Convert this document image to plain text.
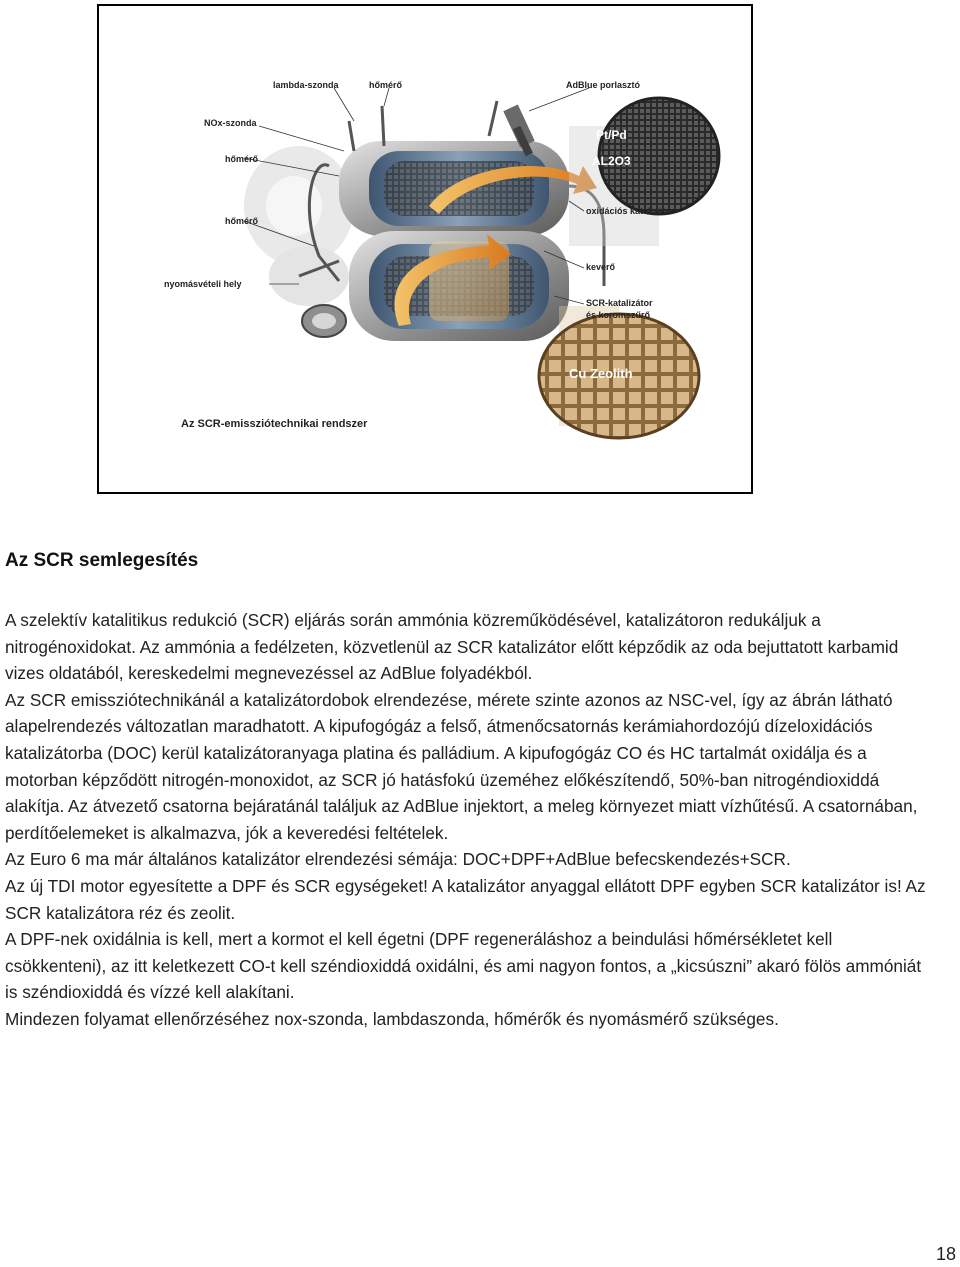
lambda-szonda	hőmérő	AdBlue porlasztó
NOx-szonda
hőmérő
hőmérő
nyomásvételi hely
oxidációs katalizátor
keverő
SCR-katalizátor
és koromszűrő
Pt/Pd
AL2O3
Cu Zeolith
Az SCR-emissziótechnikai rendszer
Az SCR semlegesítés

A szelektív katalitikus redukció (SCR) eljárás során ammónia közreműködésével, katalizátoron redukáljuk a nitrogénoxidokat. Az ammónia a fedélzeten, közvetlenül az SCR katalizátor előtt képződik az oda bejuttatott karbamid vizes oldatából, kereskedelmi megnevezéssel az AdBlue folyadékból.

Az SCR emissziótechnikánál a katalizátordobok elrendezése, mérete szinte azonos az NSC-vel, így az ábrán látható alapelrendezés változatlan maradhatott. A kipufogógáz a felső, átmenőcsatornás kerámiahordozójú dízeloxidációs katalizátorba (DOC) kerül katalizátoranyaga platina és palládium. A kipufogógáz CO és HC tartalmát oxidálja és a motorban képződött nitrogén-monoxidot, az SCR jó hatásfokú üzeméhez előkészítendő, 50%-ban nitrogéndioxiddá alakítja. Az átvezető csatorna bejáratánál találjuk az AdBlue injektort, a meleg környezet miatt vízhűtésű. A csatornában, perdítőelemeket is alkalmazva, jók a keveredési feltételek.

Az Euro 6 ma már általános katalizátor elrendezési sémája: DOC+DPF+AdBlue befecskendezés+SCR.

Az új TDI motor egyesítette a DPF és SCR egységeket! A katalizátor anyaggal ellátott DPF egyben SCR katalizátor is! Az SCR katalizátora réz és zeolit.

A DPF-nek oxidálnia is kell, mert a kormot el kell égetni (DPF regeneráláshoz a beindulási hőmérsékletet kell csökkenteni), az itt keletkezett CO-t kell széndioxiddá oxidálni, és ami nagyon fontos, a „kicsúszni” akaró fölös ammóniát is széndioxiddá és vízzé kell alakítani.

Mindezen folyamat ellenőrzéséhez nox-szonda, lambdaszonda, hőmérők és nyomásmérő szükséges.

18
